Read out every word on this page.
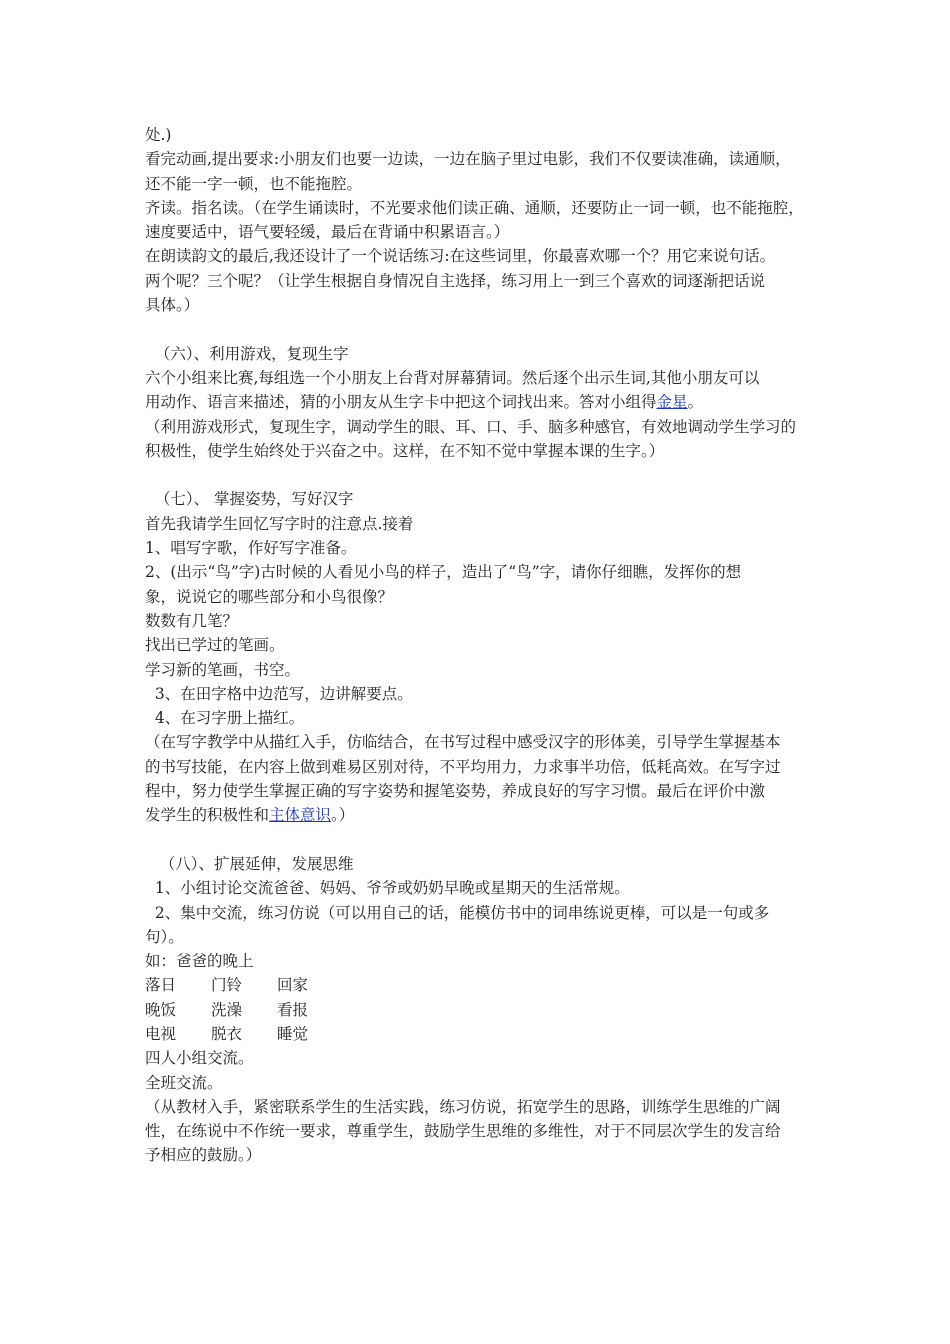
处.)
看完动画,提出要求:小朋友们也要一边读，一边在脑子里过电影，我们不仅要读准确，读通顺，
还不能一字一顿，也不能拖腔。
齐读。指名读。（在学生诵读时，不光要求他们读正确、通顺，还要防止一词一顿，也不能拖腔，
速度要适中，语气要轻缓，最后在背诵中积累语言。）
在朗读韵文的最后,我还设计了一个说话练习:在这些词里，你最喜欢哪一个？用它来说句话。
两个呢？三个呢？（让学生根据自身情况自主选择，练习用上一到三个喜欢的词逐渐把话说
具体。）
（六）、利用游戏，复现生字
六个小组来比赛,每组选一个小朋友上台背对屏幕猜词。然后逐个出示生词,其他小朋友可以
用动作、语言来描述，猜的小朋友从生字卡中把这个词找出来。答对小组得金星。
（利用游戏形式，复现生字，调动学生的眼、耳、口、手、脑多种感官，有效地调动学生学习的
积极性，使学生始终处于兴奋之中。这样，在不知不觉中掌握本课的生字。）
（七）、 掌握姿势，写好汉字
首先我请学生回忆写字时的注意点.接着
1、唱写字歌，作好写字准备。
2、(出示“鸟”字)古时候的人看见小鸟的样子，造出了“鸟”字，请你仔细瞧，发挥你的想
象，说说它的哪些部分和小鸟很像？
数数有几笔？
找出已学过的笔画。
学习新的笔画，书空。
3、在田字格中边范写，边讲解要点。
4、在习字册上描红。
（在写字教学中从描红入手，仿临结合，在书写过程中感受汉字的形体美，引导学生掌握基本
的书写技能，在内容上做到难易区别对待，不平均用力，力求事半功倍，低耗高效。在写字过
程中，努力使学生掌握正确的写字姿势和握笔姿势，养成良好的写字习惯。最后在评价中激
发学生的积极性和主体意识。）
（八）、扩展延伸，发展思维
1、小组讨论交流爸爸、妈妈、爷爷或奶奶早晚或星期天的生活常规。
2、集中交流，练习仿说（可以用自己的话，能模仿书中的词串练说更棒，可以是一句或多
句）。
如：爸爸的晚上
落日 门铃 回家
晚饭 洗澡 看报
电视 脱衣 睡觉
四人小组交流。
全班交流。
（从教材入手，紧密联系学生的生活实践，练习仿说，拓宽学生的思路，训练学生思维的广阔
性，在练说中不作统一要求，尊重学生，鼓励学生思维的多维性，对于不同层次学生的发言给
予相应的鼓励。）
